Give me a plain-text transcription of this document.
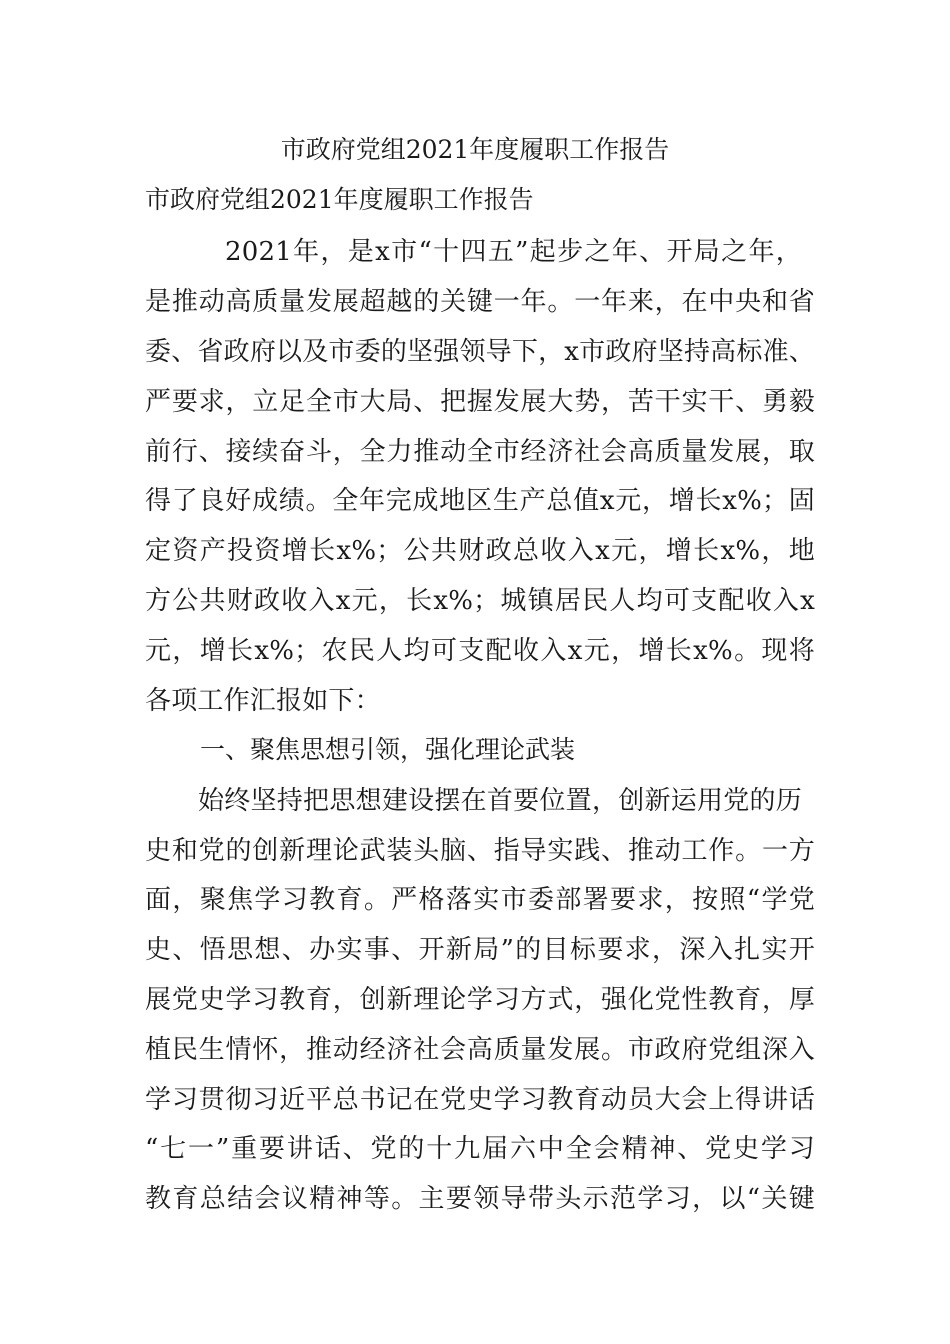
市政府党组2021年度履职工作报告
市政府党组2021年度履职工作报告
2021年，是x市“十四五”起步之年、开局之年，
是推动高质量发展超越的关键一年。一年来，在中央和省
委、省政府以及市委的坚强领导下，x市政府坚持高标准、
严要求，立足全市大局、把握发展大势，苦干实干、勇毅
前行、接续奋斗，全力推动全市经济社会高质量发展，取
得了良好成绩。全年完成地区生产总值x元，增长x%；固
定资产投资增长x%；公共财政总收入x元，增长x%，地
方公共财政收入x元，长x%；城镇居民人均可支配收入x
元，增长x%；农民人均可支配收入x元，增长x%。现将
各项工作汇报如下：
一、聚焦思想引领，强化理论武装
始终坚持把思想建设摆在首要位置，创新运用党的历
史和党的创新理论武装头脑、指导实践、推动工作。一方
面，聚焦学习教育。严格落实市委部署要求，按照“学党
史、悟思想、办实事、开新局”的目标要求，深入扎实开
展党史学习教育，创新理论学习方式，强化党性教育，厚
植民生情怀，推动经济社会高质量发展。市政府党组深入
学习贯彻习近平总书记在党史学习教育动员大会上得讲话
“七一”重要讲话、党的十九届六中全会精神、党史学习
教育总结会议精神等。主要领导带头示范学习，以“关键
